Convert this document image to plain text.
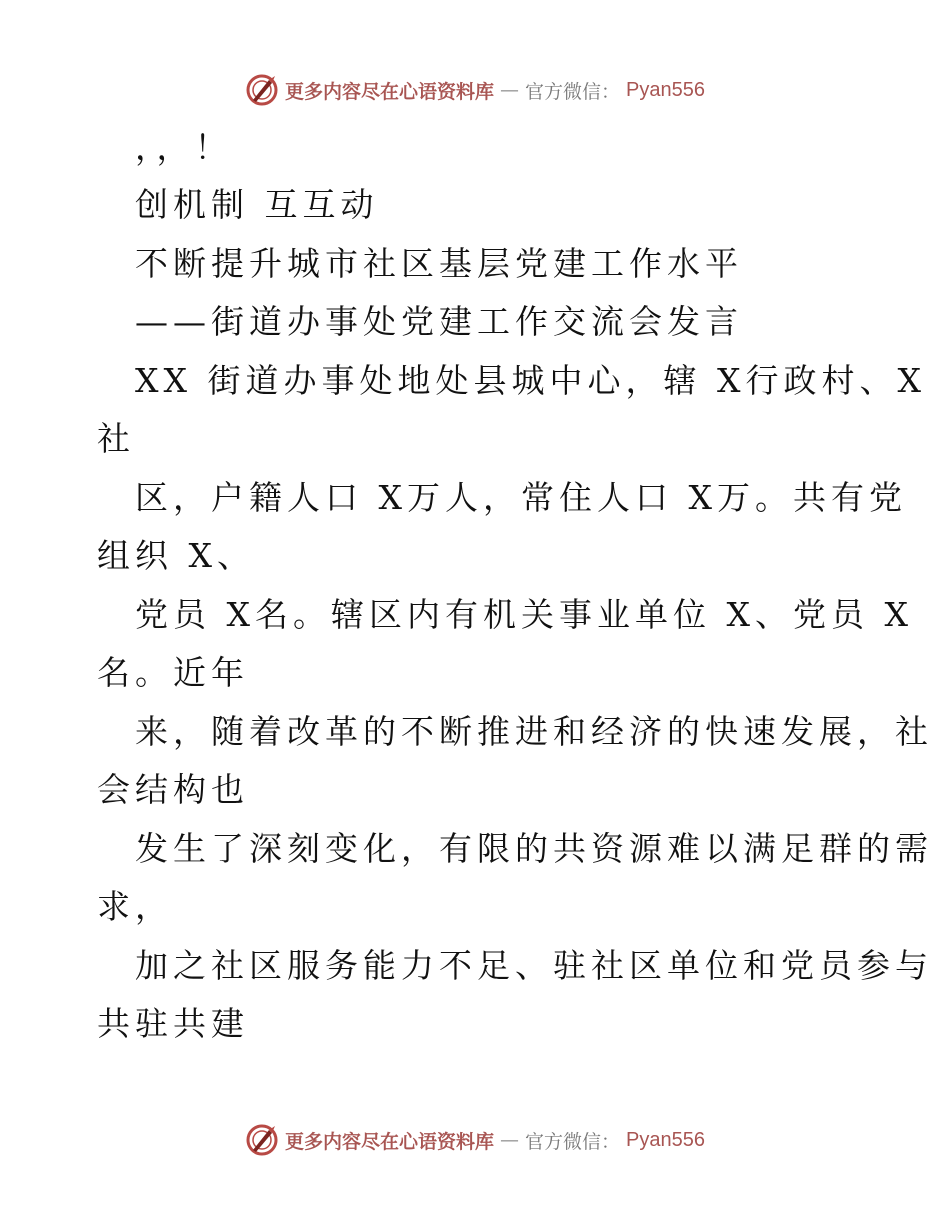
更多内容尽在心语资料库 — 官方微信： Pyan556
，，！
创机制 互互动
不断提升城市社区基层党建工作水平
——街道办事处党建工作交流会发言
XX 街道办事处地处县城中心，辖 X行政村、X
社
区，户籍人口 X万人，常住人口 X万。共有党
组织 X、
党员 X名。辖区内有机关事业单位 X、党员 X
名。近年
来，随着改革的不断推进和经济的快速发展，社
会结构也
发生了深刻变化，有限的共资源难以满足群的需
求，
加之社区服务能力不足、驻社区单位和党员参与
共驻共建
更多内容尽在心语资料库 — 官方微信： Pyan556
